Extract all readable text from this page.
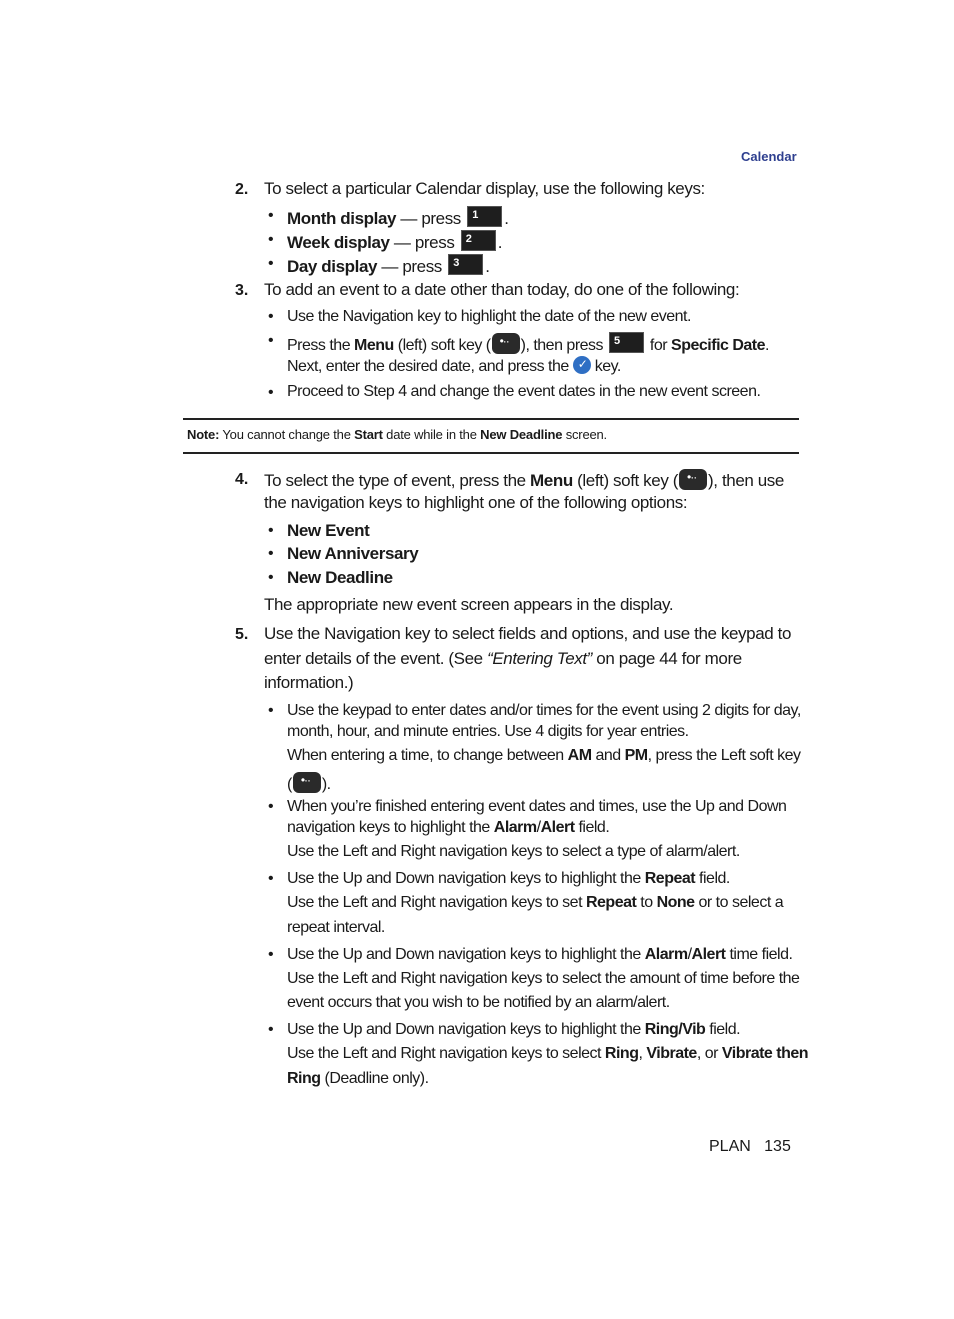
Calendar
2. To select a particular Calendar display, use the following keys:
• Month display — press 1 .
• Week display — press 2 .
• Day display — press 3 .
3. To add an event to a date other than today, do one of the following:
• Use the Navigation key to highlight the date of the new event.
• Press the Menu (left) soft key ( •·· ), then press 5 for Specific Date.
Next, enter the desired date, and press the ✓ key.
• Proceed to Step 4 and change the event dates in the new event screen.
Note: You cannot change the Start date while in the New Deadline screen.
4. To select the type of event, press the Menu (left) soft key ( •·· ), then use
the navigation keys to highlight one of the following options:
• New Event
• New Anniversary
• New Deadline
The appropriate new event screen appears in the display.
5. Use the Navigation key to select fields and options, and use the keypad to
enter details of the event. (See “Entering Text” on page 44 for more
information.)
• Use the keypad to enter dates and/or times for the event using 2 digits for day,
month, hour, and minute entries. Use 4 digits for year entries.
When entering a time, to change between AM and PM, press the Left soft key
( •·· ).
• When you’re finished entering event dates and times, use the Up and Down
navigation keys to highlight the Alarm/Alert field.
Use the Left and Right navigation keys to select a type of alarm/alert.
• Use the Up and Down navigation keys to highlight the Repeat field.
Use the Left and Right navigation keys to set Repeat to None or to select a
repeat interval.
• Use the Up and Down navigation keys to highlight the Alarm/Alert time field.
Use the Left and Right navigation keys to select the amount of time before the
event occurs that you wish to be notified by an alarm/alert.
• Use the Up and Down navigation keys to highlight the Ring/Vib field.
Use the Left and Right navigation keys to select Ring, Vibrate, or Vibrate then
Ring (Deadline only).
PLAN 135
